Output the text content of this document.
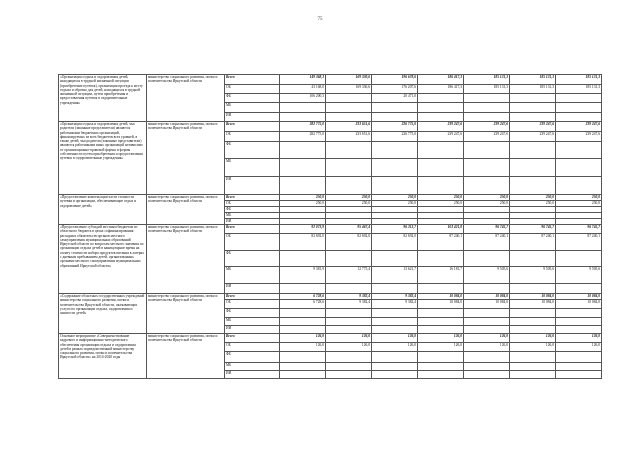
75
«Организация отдыха и оздоровления детей, находящихся в трудной жизненной ситуации (приобретение путевок), организация проезда к месту отдыха и обратно для детей, находящихся в трудной жизненной ситуации, путем приобретения и предоставления путевок в оздоровительные учреждения»	министерство социального развития, опеки и попечительства Иркутской области	Всего	149 368,3	169 330,6	196 678,6	186 417,3	185 131,3	185 131,3	185 131,3
		ОБ	43 168,0	169 330,6	176 207,6	186 417,3	185 131,3	185 131,3	185 131,3
		ФБ	106 200,3		20 471,0				
		МБ							
		ИИ							
«Организация отдыха и оздоровления детей, чьи родители (законные представители) являются работниками бюджетных организаций, финансируемых из всех бюджетов всех уровней, в также детей, чьи родители (законные представители) являются работниками иных организаций независимо от организационно-правовой формы и формы собственности путем приобретения и предоставления путевок в оздоровительные учреждения»	министерство социального развития, опеки и попечительства Иркутской области	Всего	282 775,0	233 651,6	226 775,0	239 247,6	239 247,6	239 247,6	239 247,6
		ОБ	282 775,0	233 651,6	226 775,0	239 247,6	239 247,6	239 247,6	239 247,6
		ФБ							
		МБ							
		ИИ							
«Предоставление компенсации части стоимости путевки в организации, обеспечивающие отдых и оздоровление детей»	министерство социального развития, опеки и попечительства Иркутской области	Всего	250,0	250,0	250,0	250,0	250,0	250,0	250,0
		ОБ	250,0	250,0	250,0	250,0	250,0	250,0	250,0
		ФБ							
		МБ							
		ИИ							
«Предоставление субсидий местным бюджетам из областного бюджета в целях софинансирования расходных обязательств органов местного самоуправления муниципальных образований Иркутской области по вопросам местного значения по организации отдыха детей в каникулярное время на оплату стоимости набора продуктов питания в лагерях с дневным пребыванием детей, организованных органами местного самоуправления муниципальных образований Иркутской области»	министерство социального развития, опеки и попечительства Иркутской области	Всего	92 073,9	95 467,4	96 313,7	103 421,8	96 745,7	96 745,7	96 745,7
		ОБ	82 692,0	82 692,0	82 692,0	87 240,1	87 240,1	87 240,1	87 240,1
		ФБ							
		МБ	9 381,9	12 775,4	13 621,7	16 181,7	9 505,6	9 505,6	9 505,6
		ИИ							
«Содержание областных государственных учреждений министерства социального развития, опеки и попечительства Иркутской области, оказывающих услуги по организации отдыха, оздоровления и занятости детей»	министерство социального развития, опеки и попечительства Иркутской области	Всего	6 728,6	9 382,4	9 382,4	10 084,0	10 084,0	10 084,0	10 084,0
		ОБ	6 728,6	9 382,4	9 382,4	10 084,0	10 084,0	10 084,0	10 084,0
		ФБ							
		МБ							
		ИИ							
Основное мероприятие «Совершенствование кадрового и информационно-методического обеспечения организации отдыха и оздоровления детей в рамках подведомственной министерству социального развития, опеки и попечительства Иркутской области» на 2014-2020 годы	министерство социального развития, опеки и попечительства Иркутской области	Всего	126,0	126,0	126,0	126,0	126,0	126,0	126,0
		ОБ	126,0	126,0	126,0	126,0	126,0	126,0	126,0
		ФБ							
		МБ							
		ИИ							
